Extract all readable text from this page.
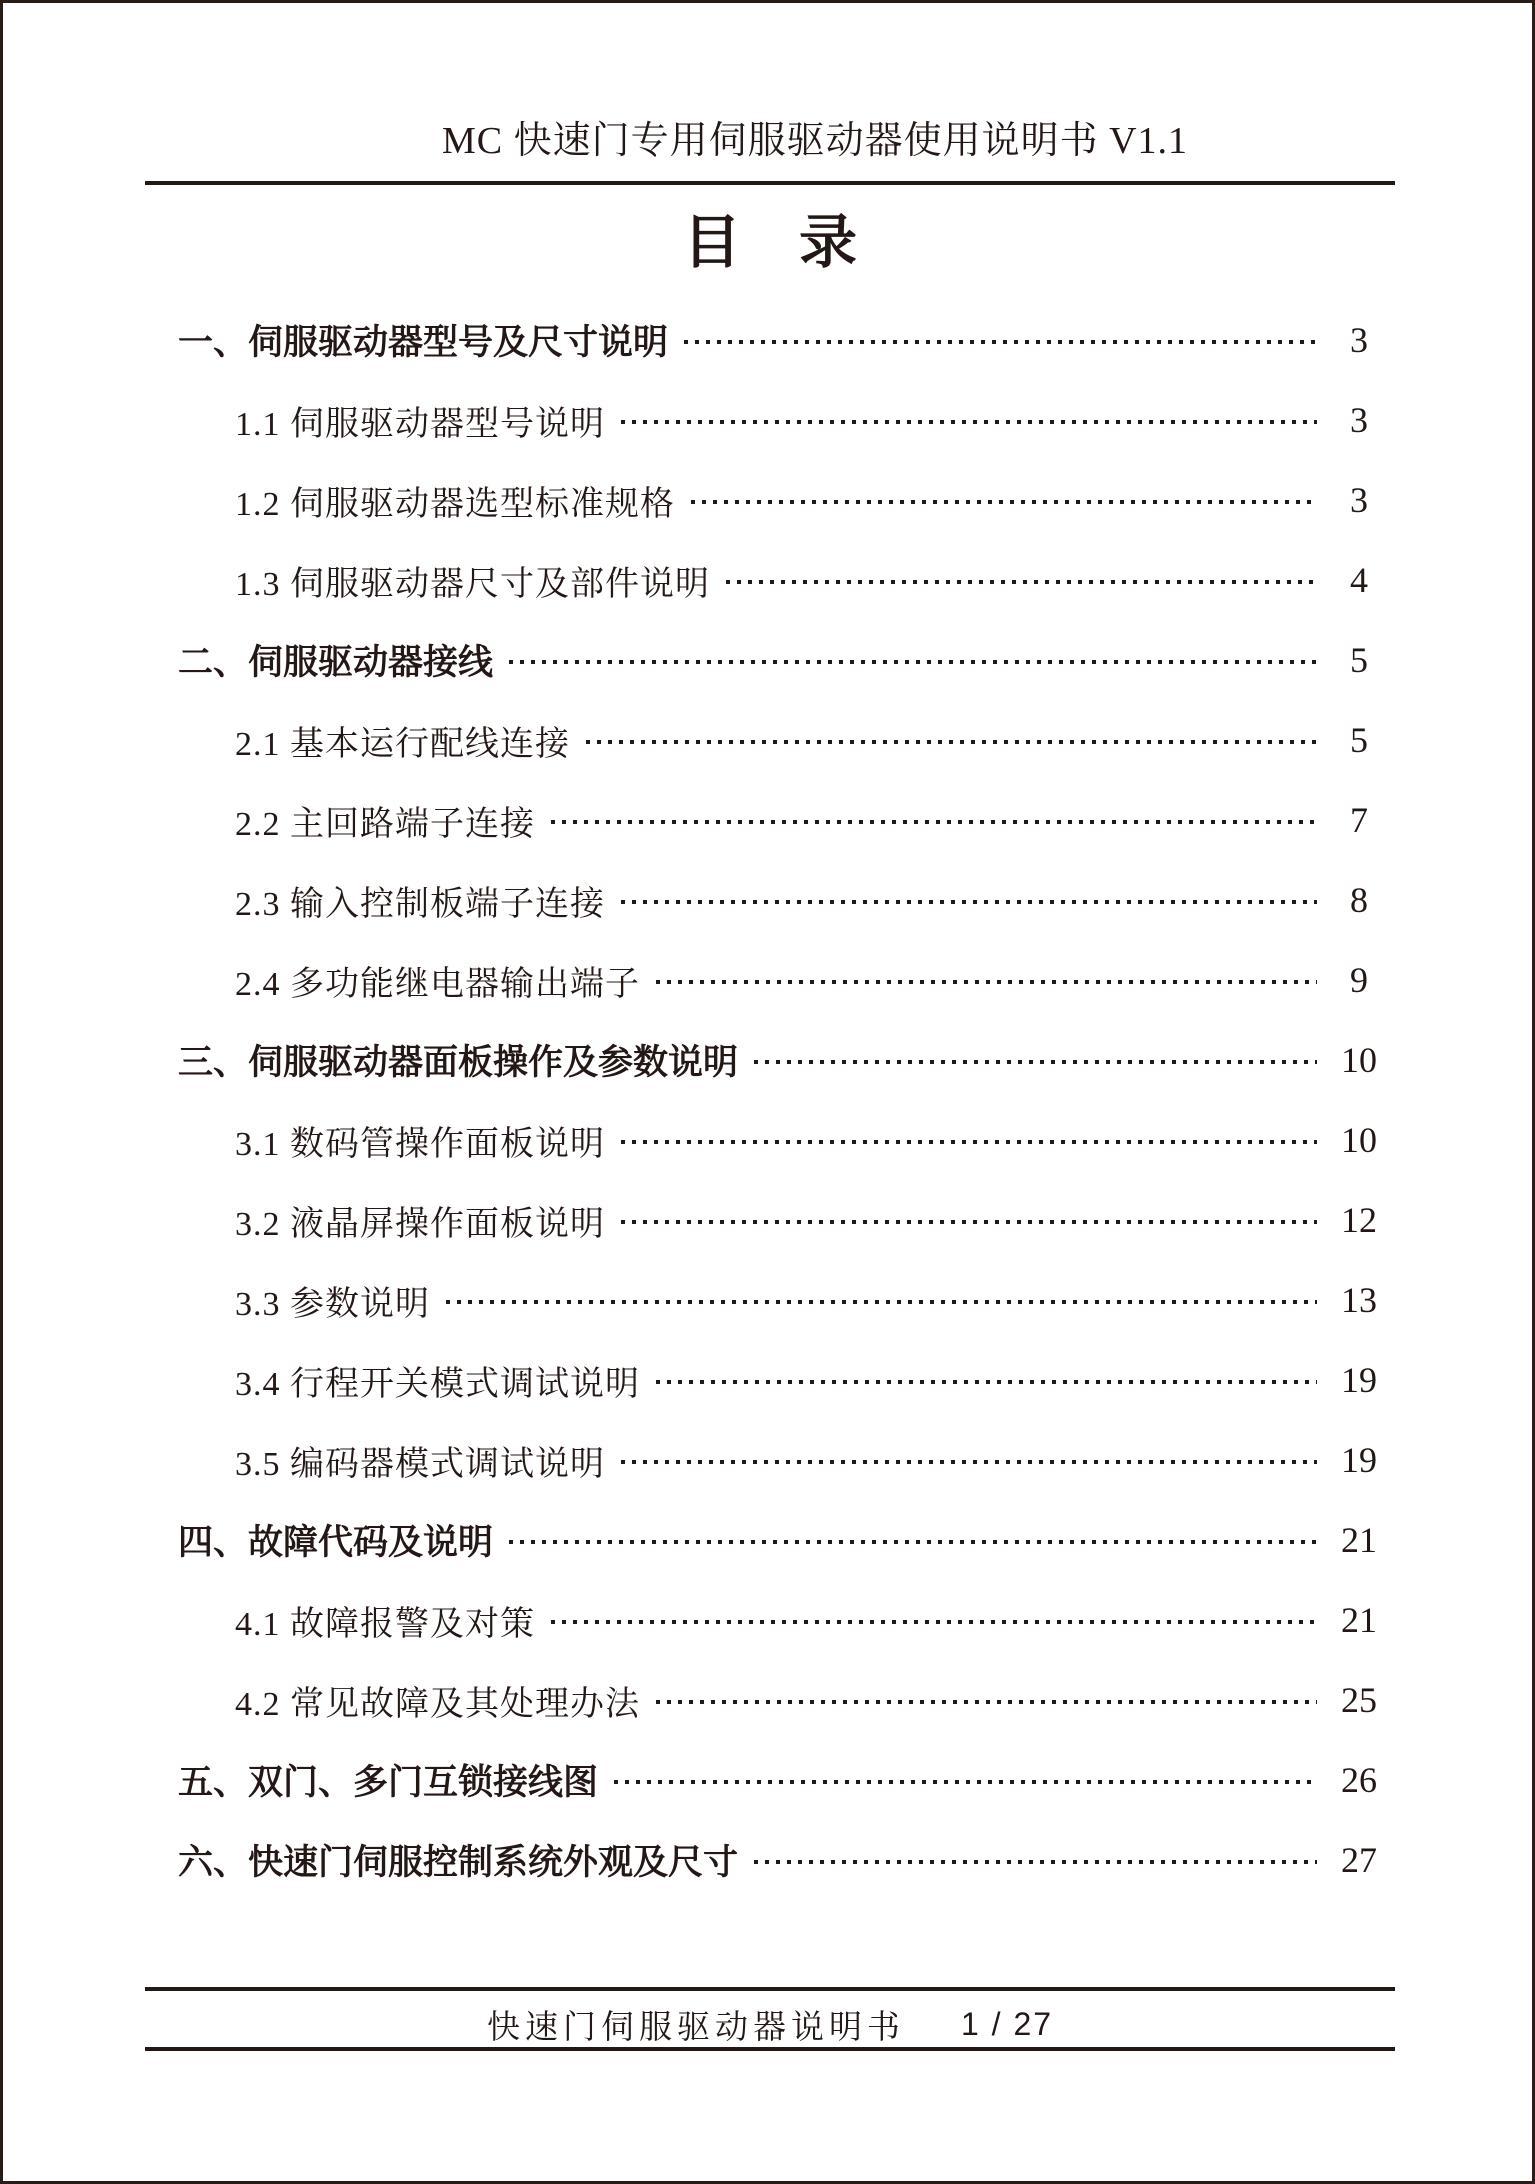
MC 快速门专用伺服驱动器使用说明书 V1.1
目　录
一、伺服驱动器型号及尺寸说明	3
1.1 伺服驱动器型号说明	3
1.2 伺服驱动器选型标准规格	3
1.3 伺服驱动器尺寸及部件说明	4
二、伺服驱动器接线	5
2.1 基本运行配线连接	5
2.2 主回路端子连接	7
2.3 输入控制板端子连接	8
2.4 多功能继电器输出端子	9
三、伺服驱动器面板操作及参数说明	10
3.1 数码管操作面板说明	10
3.2 液晶屏操作面板说明	12
3.3 参数说明	13
3.4 行程开关模式调试说明	19
3.5 编码器模式调试说明	19
四、故障代码及说明	21
4.1 故障报警及对策	21
4.2 常见故障及其处理办法	25
五、双门、多门互锁接线图	26
六、快速门伺服控制系统外观及尺寸	27
快速门伺服驱动器说明书 1 / 27
